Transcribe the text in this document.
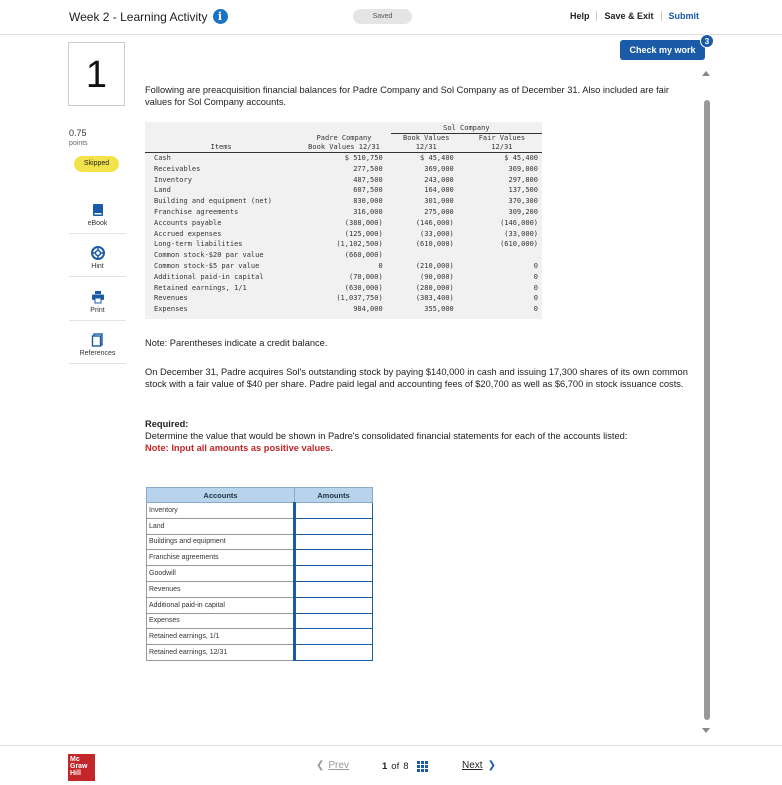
Week 2 - Learning Activity i	Saved	Help	Save & Exit	Submit
Check my work
3
1
0.75
points
Skipped
eBook
Hint
Print
References
Following are preacquisition financial balances for Padre Company and Sol Company as of December 31. Also included are fair values for Sol Company accounts.
		Sol Company	
	Padre Company	Book Values	Fair Values
Items	Book Values 12/31	12/31	12/31
Cash	$ 510,750	$ 45,400	$ 45,400
Receivables	277,500	369,000	369,000
Inventory	487,500	243,000	297,800
Land	607,500	164,000	137,500
Building and equipment (net)	830,000	301,000	370,300
Franchise agreements	316,000	275,000	309,200
Accounts payable	(388,000)	(146,000)	(146,000)
Accrued expenses	(125,000)	(33,000)	(33,000)
Long-term liabilities	(1,102,500)	(610,000)	(610,000)
Common stock-$20 par value	(660,000)		
Common stock-$5 par value	0	(210,000)	0
Additional paid-in capital	(70,000)	(90,000)	0
Retained earnings, 1/1	(630,000)	(280,000)	0
Revenues	(1,037,750)	(383,400)	0
Expenses	984,000	355,000	0
Note: Parentheses indicate a credit balance.
On December 31, Padre acquires Sol's outstanding stock by paying $140,000 in cash and issuing 17,300 shares of its own common stock with a fair value of $40 per share. Padre paid legal and accounting fees of $20,700 as well as $6,700 in stock issuance costs.
Required:
Determine the value that would be shown in Padre's consolidated financial statements for each of the accounts listed:
Note: Input all amounts as positive values.
Accounts	Amounts
Inventory	
Land	
Buildings and equipment	
Franchise agreements	
Goodwill	
Revenues	
Additional paid-in capital	
Expenses	
Retained earnings, 1/1	
Retained earnings, 12/31	
Mc
Graw
Hill
❮ Prev	1 of 8	Next ❯
